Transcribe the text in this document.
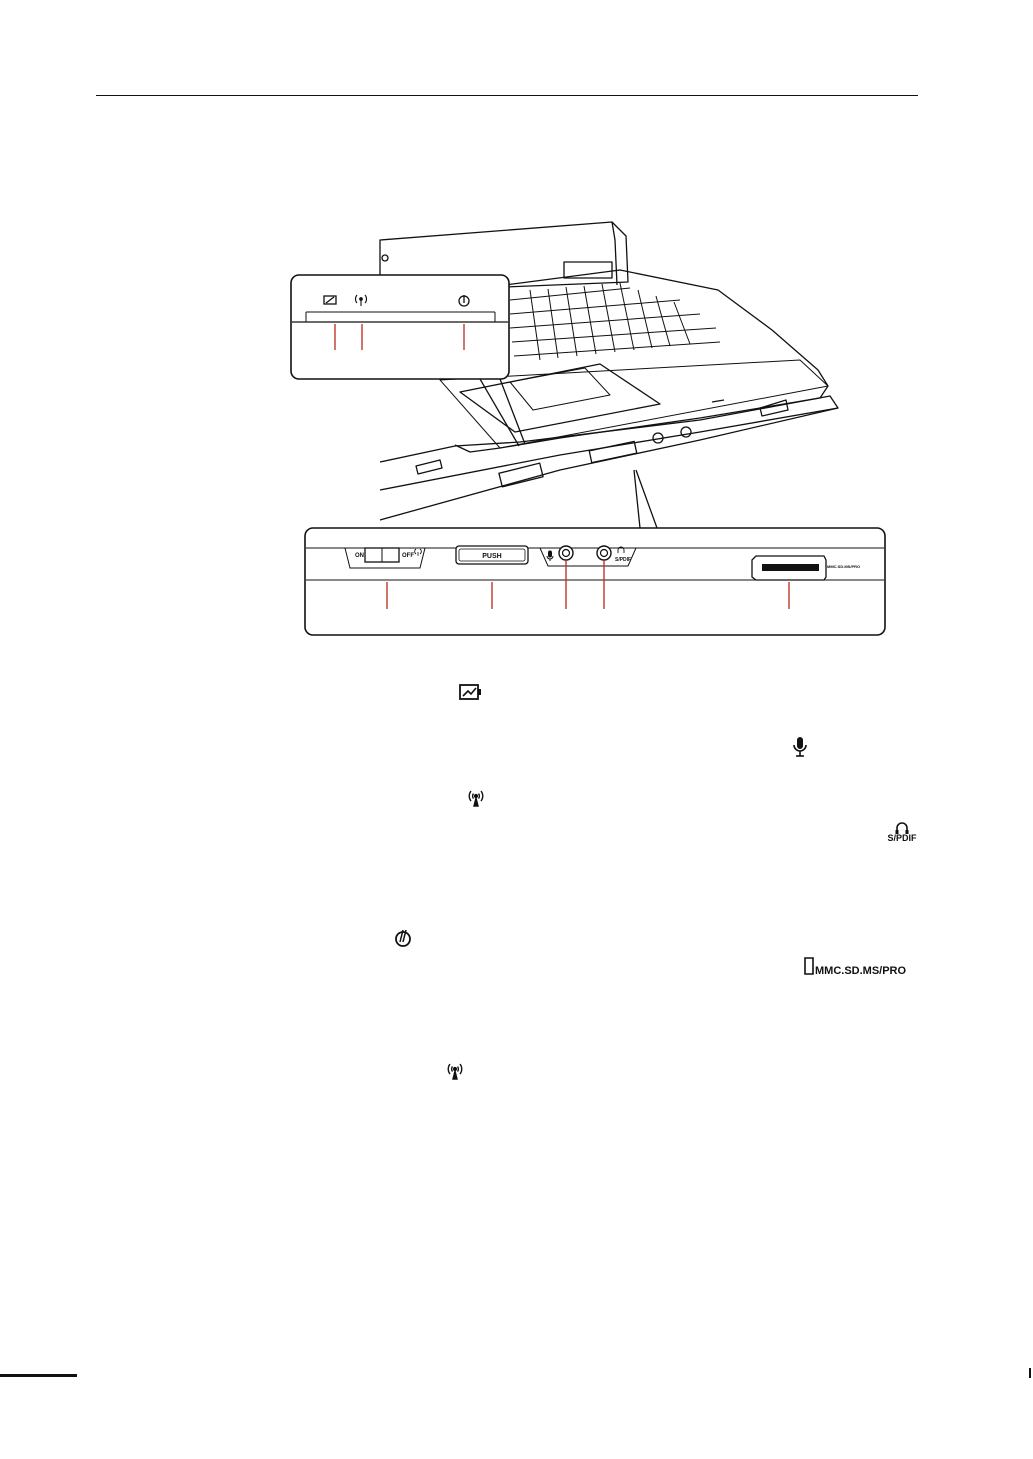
ON	OFF	PUSH	S/PDIF
MMC.SD.MS/PRO
S/PDIF
MMC.SD.MS/PRO
